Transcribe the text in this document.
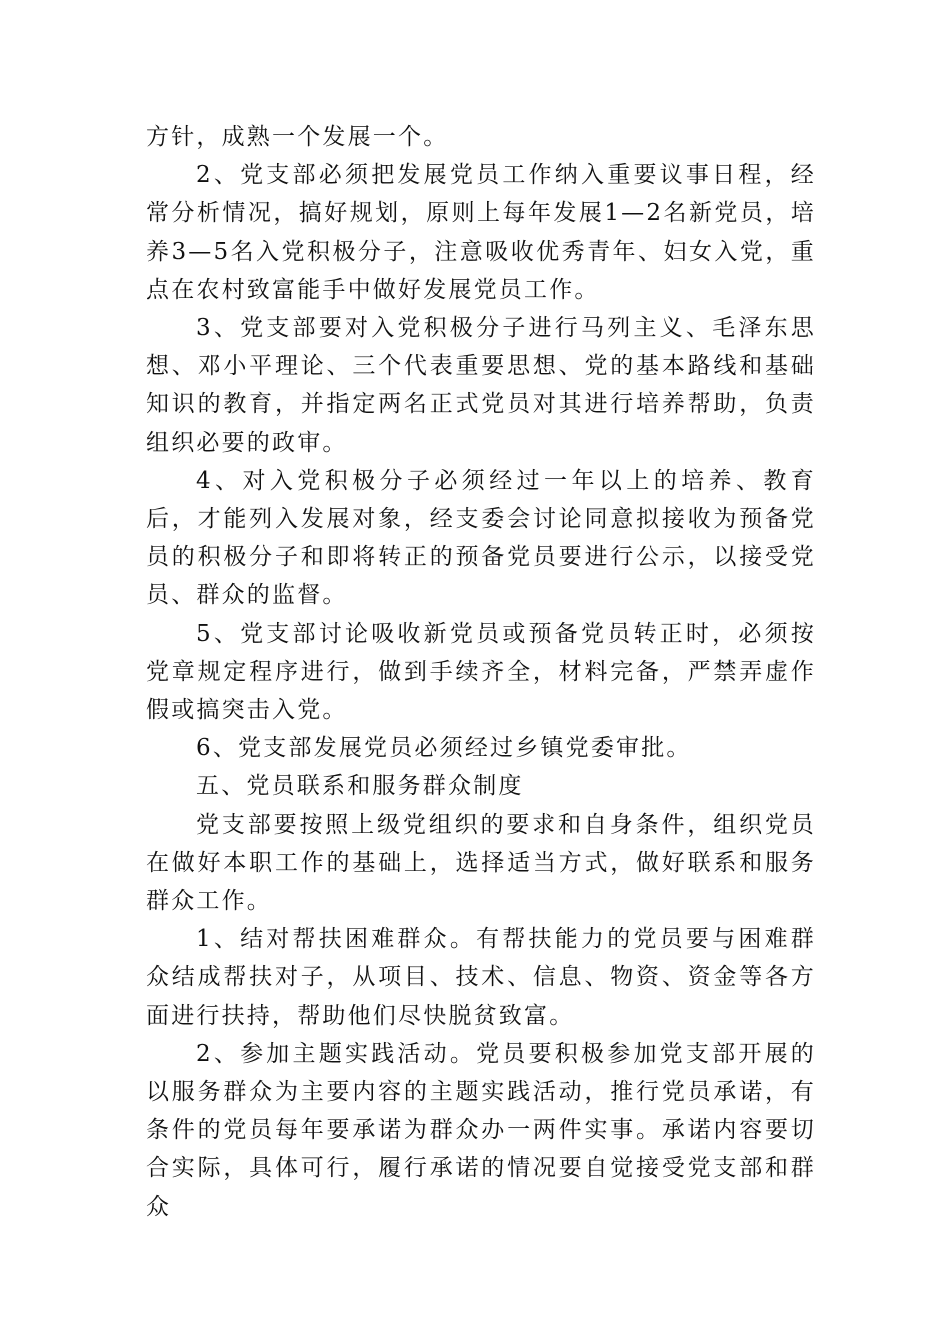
方针，成熟一个发展一个。

2、党支部必须把发展党员工作纳入重要议事日程，经常分析情况，搞好规划，原则上每年发展1—2名新党员，培养3—5名入党积极分子，注意吸收优秀青年、妇女入党，重点在农村致富能手中做好发展党员工作。

3、党支部要对入党积极分子进行马列主义、毛泽东思想、邓小平理论、三个代表重要思想、党的基本路线和基础知识的教育，并指定两名正式党员对其进行培养帮助，负责组织必要的政审。

4、对入党积极分子必须经过一年以上的培养、教育后，才能列入发展对象，经支委会讨论同意拟接收为预备党员的积极分子和即将转正的预备党员要进行公示，以接受党员、群众的监督。

5、党支部讨论吸收新党员或预备党员转正时，必须按党章规定程序进行，做到手续齐全，材料完备，严禁弄虚作假或搞突击入党。

6、党支部发展党员必须经过乡镇党委审批。

五、党员联系和服务群众制度

党支部要按照上级党组织的要求和自身条件，组织党员在做好本职工作的基础上，选择适当方式，做好联系和服务群众工作。

1、结对帮扶困难群众。有帮扶能力的党员要与困难群众结成帮扶对子，从项目、技术、信息、物资、资金等各方面进行扶持，帮助他们尽快脱贫致富。

2、参加主题实践活动。党员要积极参加党支部开展的以服务群众为主要内容的主题实践活动，推行党员承诺，有条件的党员每年要承诺为群众办一两件实事。承诺内容要切合实际，具体可行，履行承诺的情况要自觉接受党支部和群众
